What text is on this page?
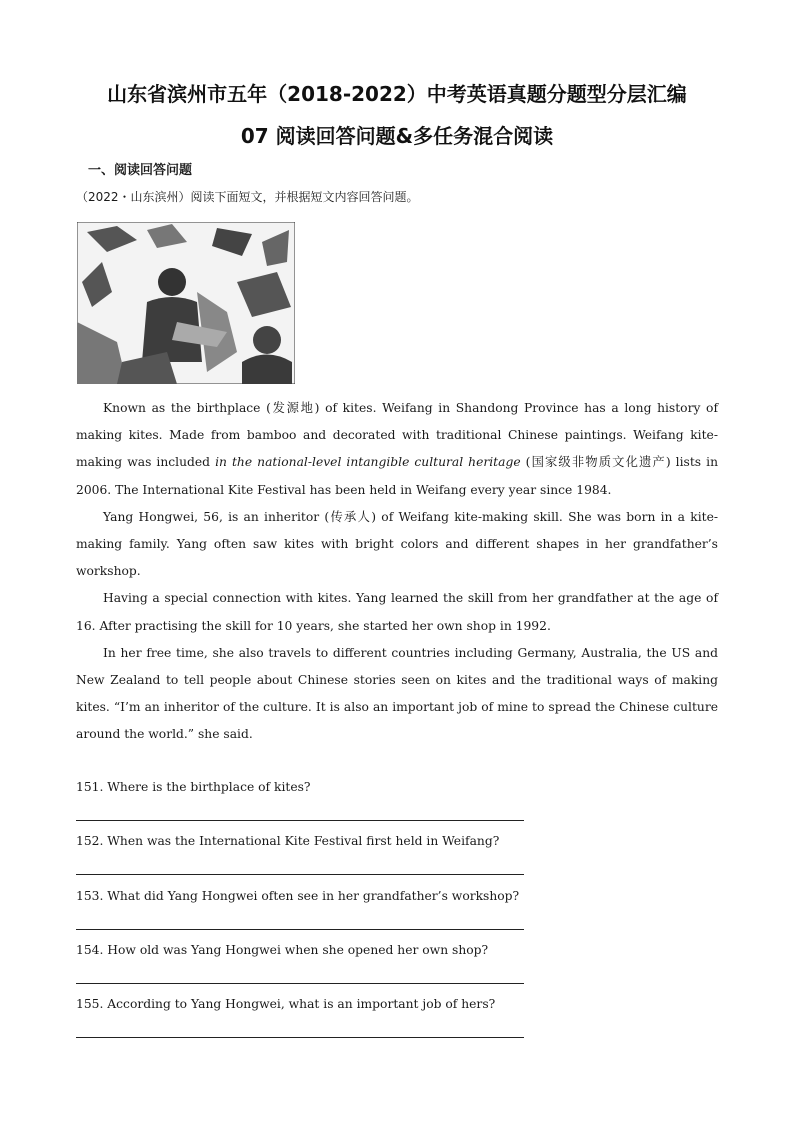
山东省滨州市五年（2018-2022）中考英语真题分题型分层汇编
07 阅读回答问题&多任务混合阅读
一、阅读回答问题
（2022・山东滨州）阅读下面短文，并根据短文内容回答问题。

Known as the birthplace (发源地) of kites. Weifang in Shandong Province has a long history of making kites. Made from bamboo and decorated with traditional Chinese paintings. Weifang kite-making was included in the national-level intangible cultural heritage (国家级非物质文化遗产) lists in 2006. The International Kite Festival has been held in Weifang every year since 1984.

Yang Hongwei, 56, is an inheritor (传承人) of Weifang kite-making skill. She was born in a kite-making family. Yang often saw kites with bright colors and different shapes in her grandfather’s workshop.

Having a special connection with kites. Yang learned the skill from her grandfather at the age of 16. After practising the skill for 10 years, she started her own shop in 1992.

In her free time, she also travels to different countries including Germany, Australia, the US and New Zealand to tell people about Chinese stories seen on kites and the traditional ways of making kites. “I’m an inheritor of the culture. It is also an important job of mine to spread the Chinese culture around the world.” she said.

151. Where is the birthplace of kites?
152. When was the International Kite Festival first held in Weifang?
153. What did Yang Hongwei often see in her grandfather’s workshop?
154. How old was Yang Hongwei when she opened her own shop?
155. According to Yang Hongwei, what is an important job of hers?
